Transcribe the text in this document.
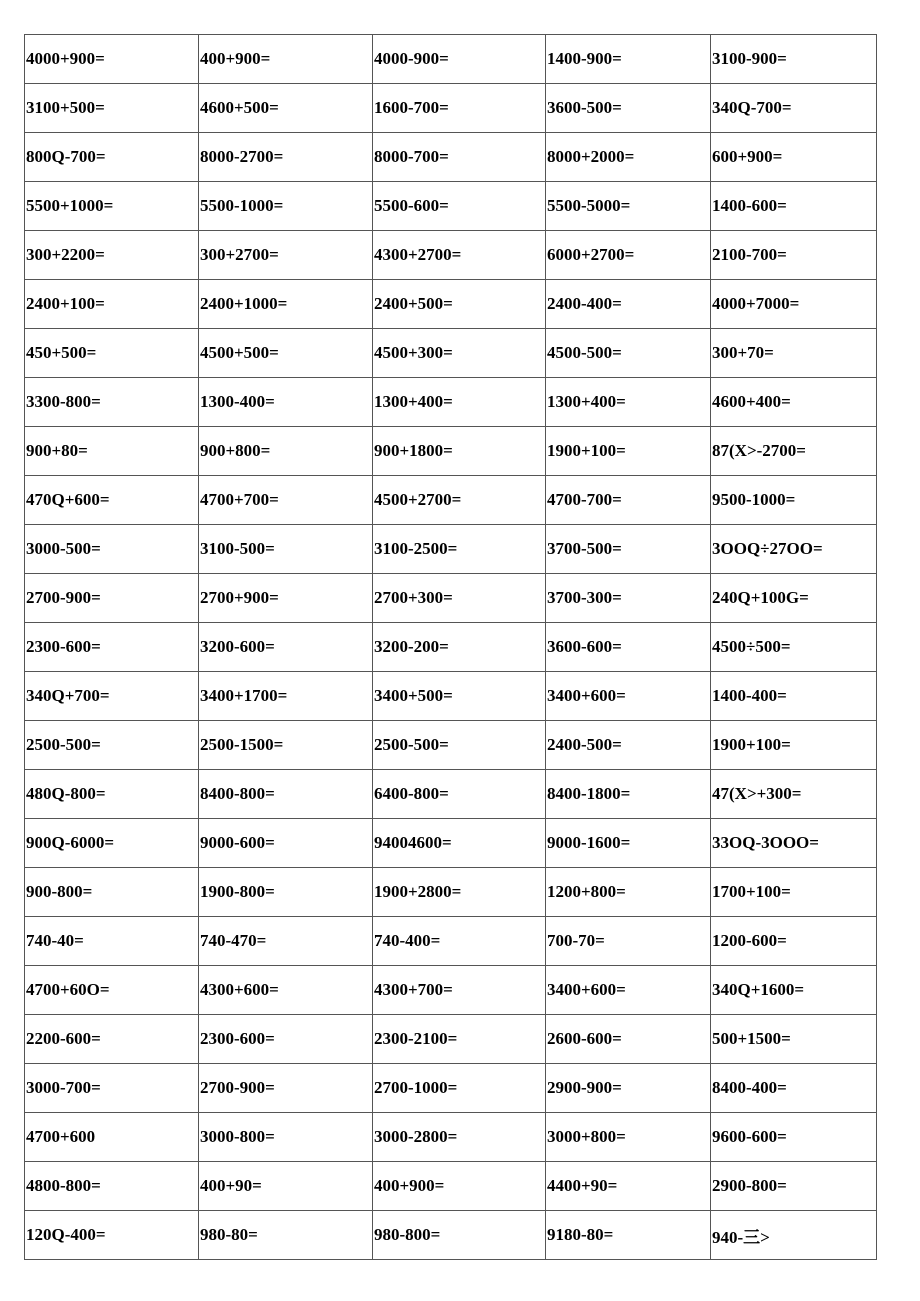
4000+900=	400+900=	4000-900=	1400-900=	3100-900=
3100+500=	4600+500=	1600-700=	3600-500=	340Q-700=
800Q-700=	8000-2700=	8000-700=	8000+2000=	600+900=
5500+1000=	5500-1000=	5500-600=	5500-5000=	1400-600=
300+2200=	300+2700=	4300+2700=	6000+2700=	2100-700=
2400+100=	2400+1000=	2400+500=	2400-400=	4000+7000=
450+500=	4500+500=	4500+300=	4500-500=	300+70=
3300-800=	1300-400=	1300+400=	1300+400=	4600+400=
900+80=	900+800=	900+1800=	1900+100=	87(X>-2700=
470Q+600=	4700+700=	4500+2700=	4700-700=	9500-1000=
3000-500=	3100-500=	3100-2500=	3700-500=	3OOQ÷27OO=
2700-900=	2700+900=	2700+300=	3700-300=	240Q+100G=
2300-600=	3200-600=	3200-200=	3600-600=	4500÷500=
340Q+700=	3400+1700=	3400+500=	3400+600=	1400-400=
2500-500=	2500-1500=	2500-500=	2400-500=	1900+100=
480Q-800=	8400-800=	6400-800=	8400-1800=	47(X>+300=
900Q-6000=	9000-600=	94004600=	9000-1600=	33OQ-3OOO=
900-800=	1900-800=	1900+2800=	1200+800=	1700+100=
740-40=	740-470=	740-400=	700-70=	1200-600=
4700+60O=	4300+600=	4300+700=	3400+600=	340Q+1600=
2200-600=	2300-600=	2300-2100=	2600-600=	500+1500=
3000-700=	2700-900=	2700-1000=	2900-900=	8400-400=
4700+600	3000-800=	3000-2800=	3000+800=	9600-600=
4800-800=	400+90=	400+900=	4400+90=	2900-800=
120Q-400=	980-80=	980-800=	9180-80=	940-三>
